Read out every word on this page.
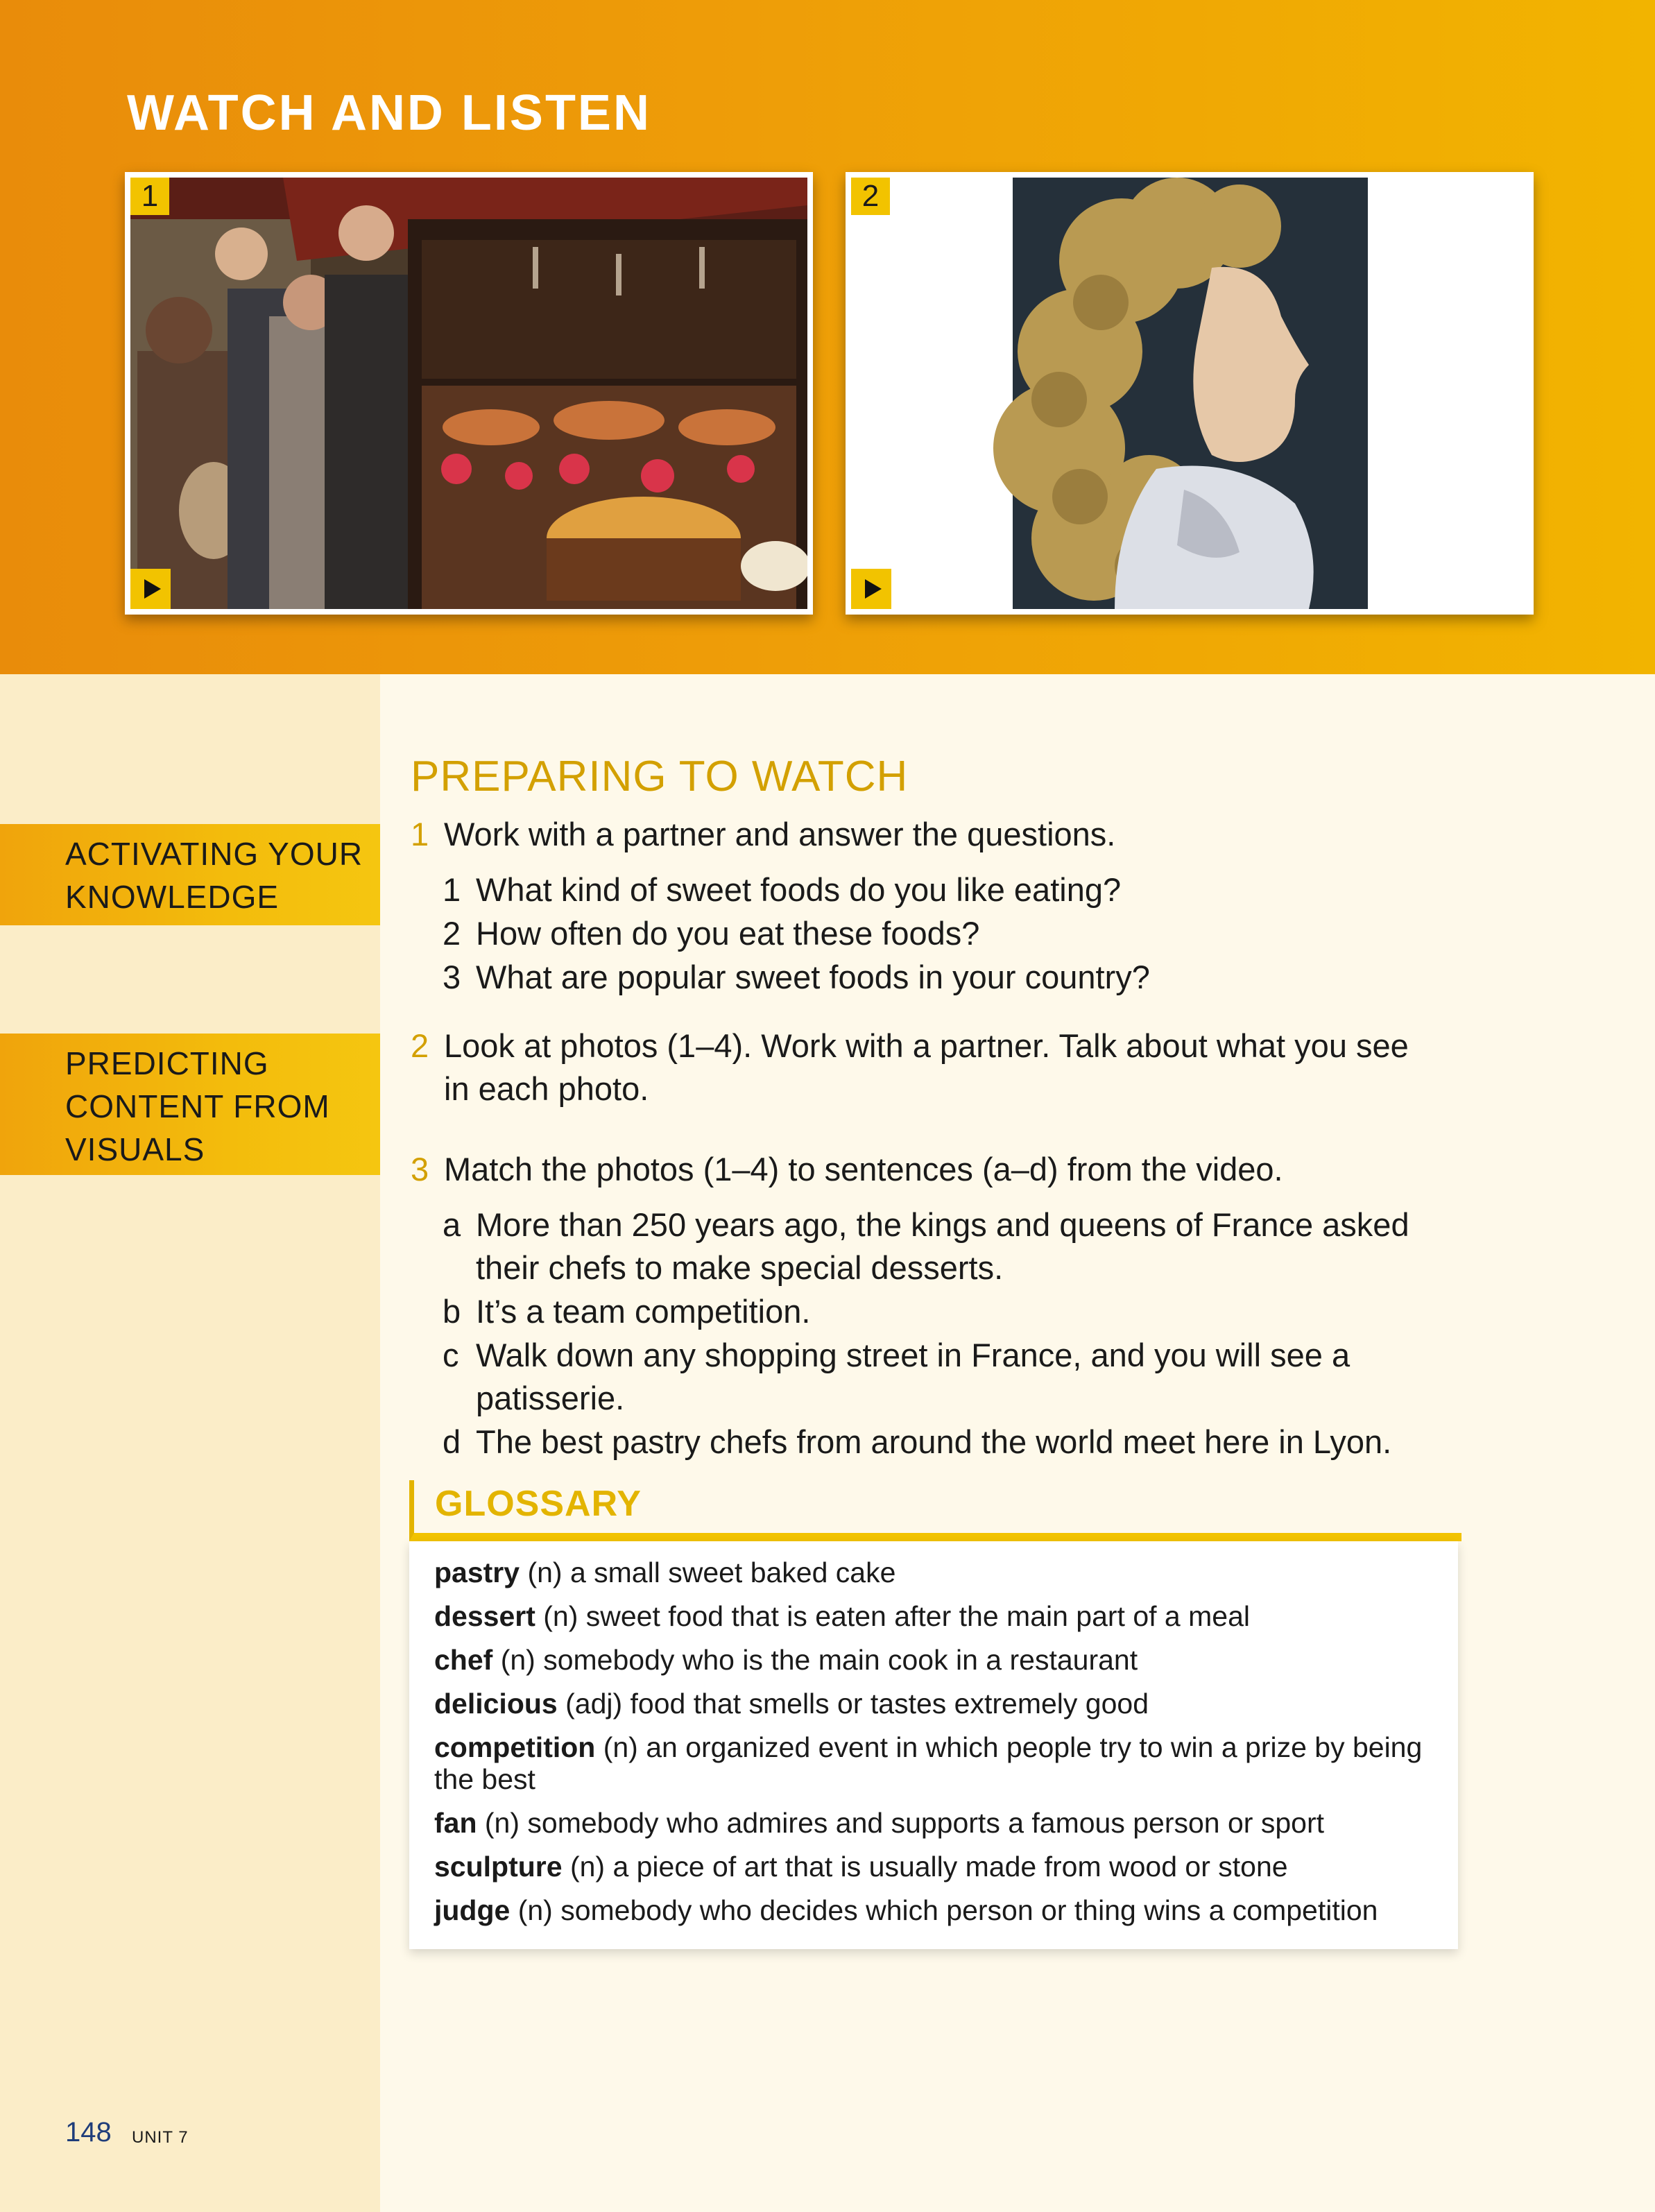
WATCH AND LISTEN
1	2
ACTIVATING YOUR
KNOWLEDGE
PREDICTING
CONTENT FROM
VISUALS
PREPARING TO WATCH
1 Work with a partner and answer the questions.
1 What kind of sweet foods do you like eating?
2 How often do you eat these foods?
3 What are popular sweet foods in your country?
2 Look at photos (1–4). Work with a partner. Talk about what you see
in each photo.
3 Match the photos (1–4) to sentences (a–d) from the video.
a More than 250 years ago, the kings and queens of France asked
their chefs to make special desserts.
b It’s a team competition.
c Walk down any shopping street in France, and you will see a
patisserie.
d The best pastry chefs from around the world meet here in Lyon.
GLOSSARY
pastry (n) a small sweet baked cake
dessert (n) sweet food that is eaten after the main part of a meal
chef (n) somebody who is the main cook in a restaurant
delicious (adj) food that smells or tastes extremely good
competition (n) an organized event in which people try to win a prize by being
the best
fan (n) somebody who admires and supports a famous person or sport
sculpture (n) a piece of art that is usually made from wood or stone
judge (n) somebody who decides which person or thing wins a competition
148 UNIT 7
